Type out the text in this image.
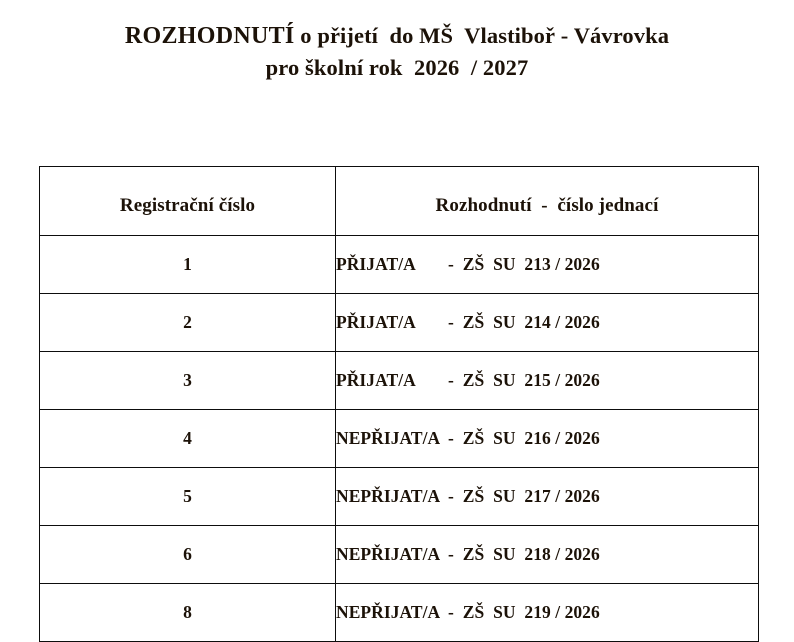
ROZHODNUTÍ o přijetí  do MŠ  Vlastiboř - Vávrovka
pro školní rok  2026  / 2027
Registrační číslo	Rozhodnutí  -  číslo jednací
1	PŘIJAT/A -  ZŠ  SU  213 / 2026
2	PŘIJAT/A -  ZŠ  SU  214 / 2026
3	PŘIJAT/A -  ZŠ  SU  215 / 2026
4	NEPŘIJAT/A -  ZŠ  SU  216 / 2026
5	NEPŘIJAT/A -  ZŠ  SU  217 / 2026
6	NEPŘIJAT/A -  ZŠ  SU  218 / 2026
8	NEPŘIJAT/A -  ZŠ  SU  219 / 2026
